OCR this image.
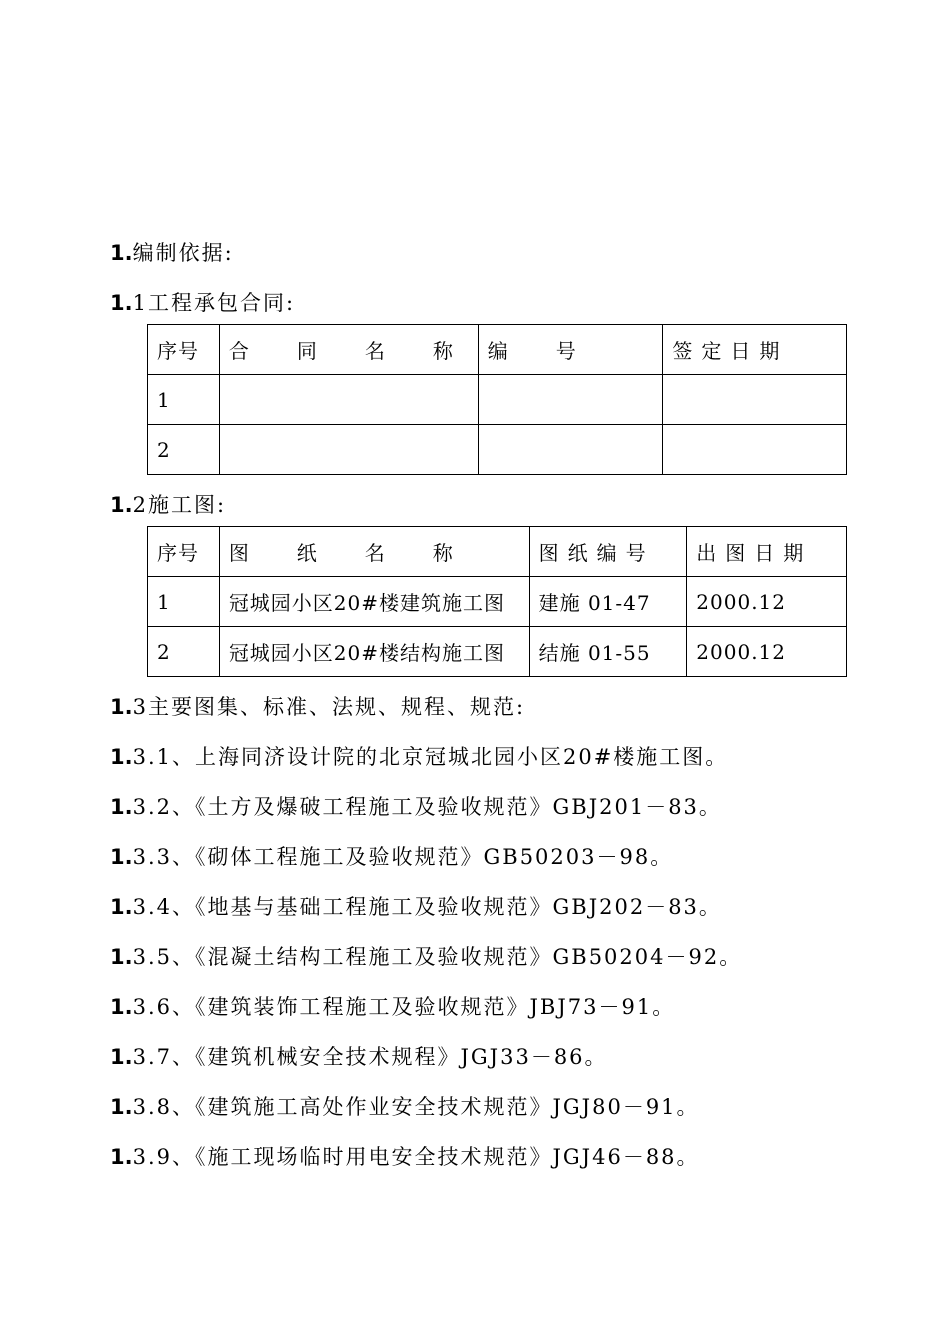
1.编制依据:
1.1工程承包合同:
序号	合　同　名　称	编　号	签定日期
1			
2			
1.2施工图:
序号	图　纸　名　称	图纸编号	出图日期
1	冠城园小区20#楼建筑施工图	建施 01-47	2000.12
2	冠城园小区20#楼结构施工图	结施 01-55	2000.12
1.3主要图集、标准、法规、规程、规范:
1.3.1、上海同济设计院的北京冠城北园小区20#楼施工图。
1.3.2、《土方及爆破工程施工及验收规范》GBJ201－83。
1.3.3、《砌体工程施工及验收规范》GB50203－98。
1.3.4、《地基与基础工程施工及验收规范》GBJ202－83。
1.3.5、《混凝土结构工程施工及验收规范》GB50204－92。
1.3.6、《建筑装饰工程施工及验收规范》JBJ73－91。
1.3.7、《建筑机械安全技术规程》JGJ33－86。
1.3.8、《建筑施工高处作业安全技术规范》JGJ80－91。
1.3.9、《施工现场临时用电安全技术规范》JGJ46－88。
